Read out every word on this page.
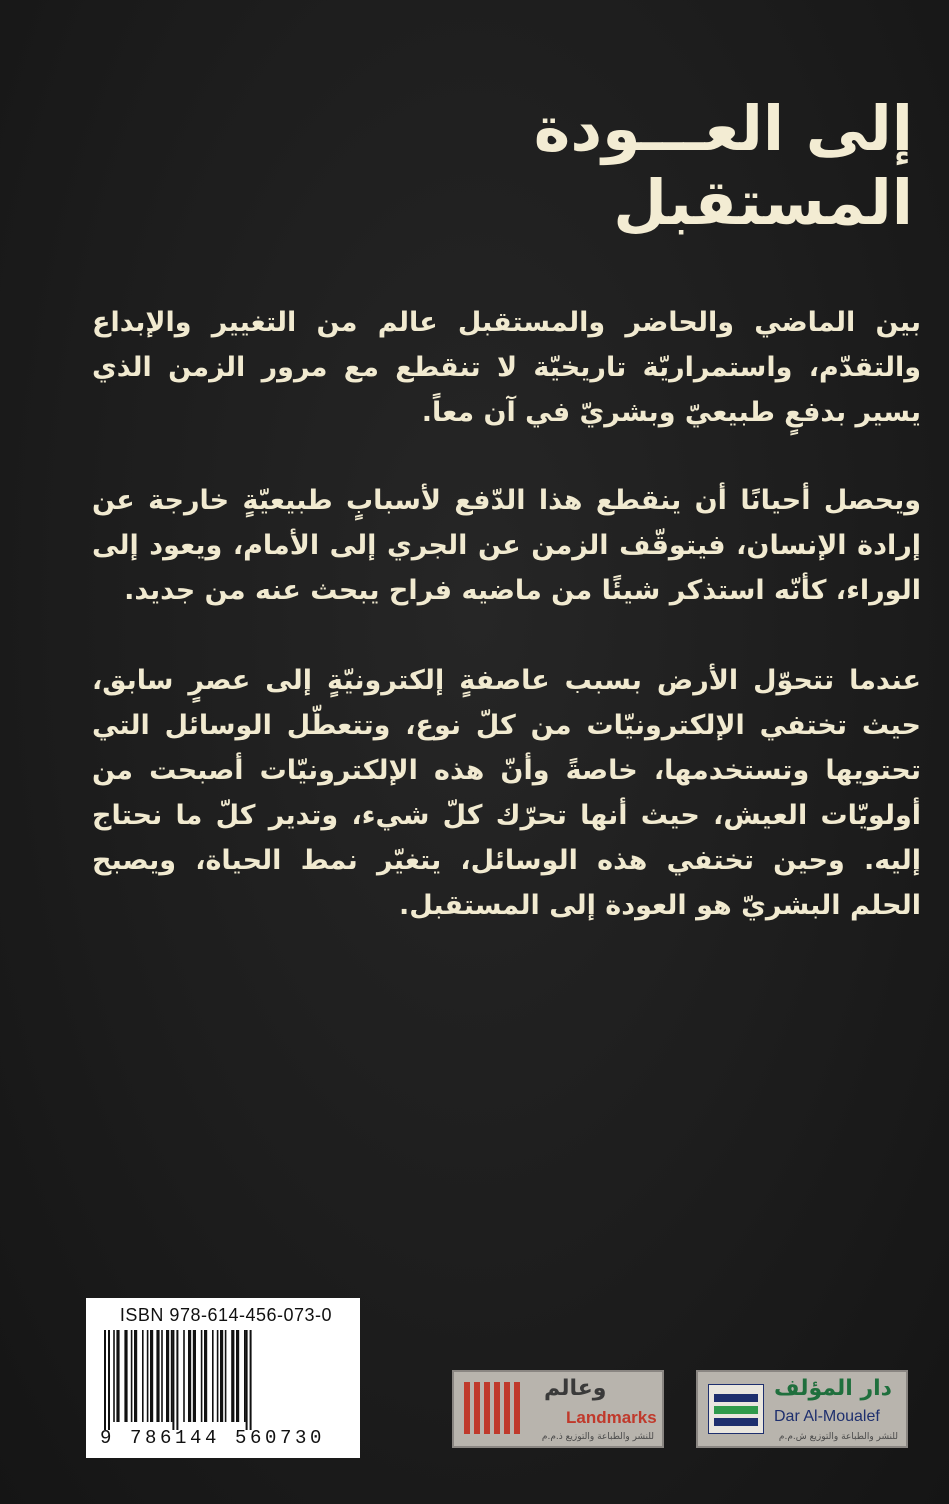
إلى العـــودة
المستقبل

بين الماضي والحاضر والمستقبل عالم من التغيير والإبداع والتقدّم، واستمراريّة تاريخيّة لا تنقطع مع مرور الزمن الذي يسير بدفعٍ طبيعيّ وبشريّ في آن معاً.

ويحصل أحيانًا أن ينقطع هذا الدّفع لأسبابٍ طبيعيّةٍ خارجة عن إرادة الإنسان، فيتوقّف الزمن عن الجري إلى الأمام، ويعود إلى الوراء، كأنّه استذكر شيئًا من ماضيه فراح يبحث عنه من جديد.

عندما تتحوّل الأرض بسبب عاصفةٍ إلكترونيّةٍ إلى عصرٍ سابق، حيث تختفي الإلكترونيّات من كلّ نوع، وتتعطّل الوسائل التي تحتويها وتستخدمها، خاصةً وأنّ هذه الإلكترونيّات أصبحت من أولويّات العيش، حيث أنها تحرّك كلّ شيء، وتدير كلّ ما نحتاج إليه. وحين تختفي هذه الوسائل، يتغيّر نمط الحياة، ويصبح الحلم البشريّ هو العودة إلى المستقبل.

ISBN 978-614-456-073-0
9 786144 560730
وعالم
Landmarks
للنشر والطباعة والتوزيع ذ.م.م
دار المؤلف
Dar Al-Moualef
للنشر والطباعة والتوزيع ش.م.م
